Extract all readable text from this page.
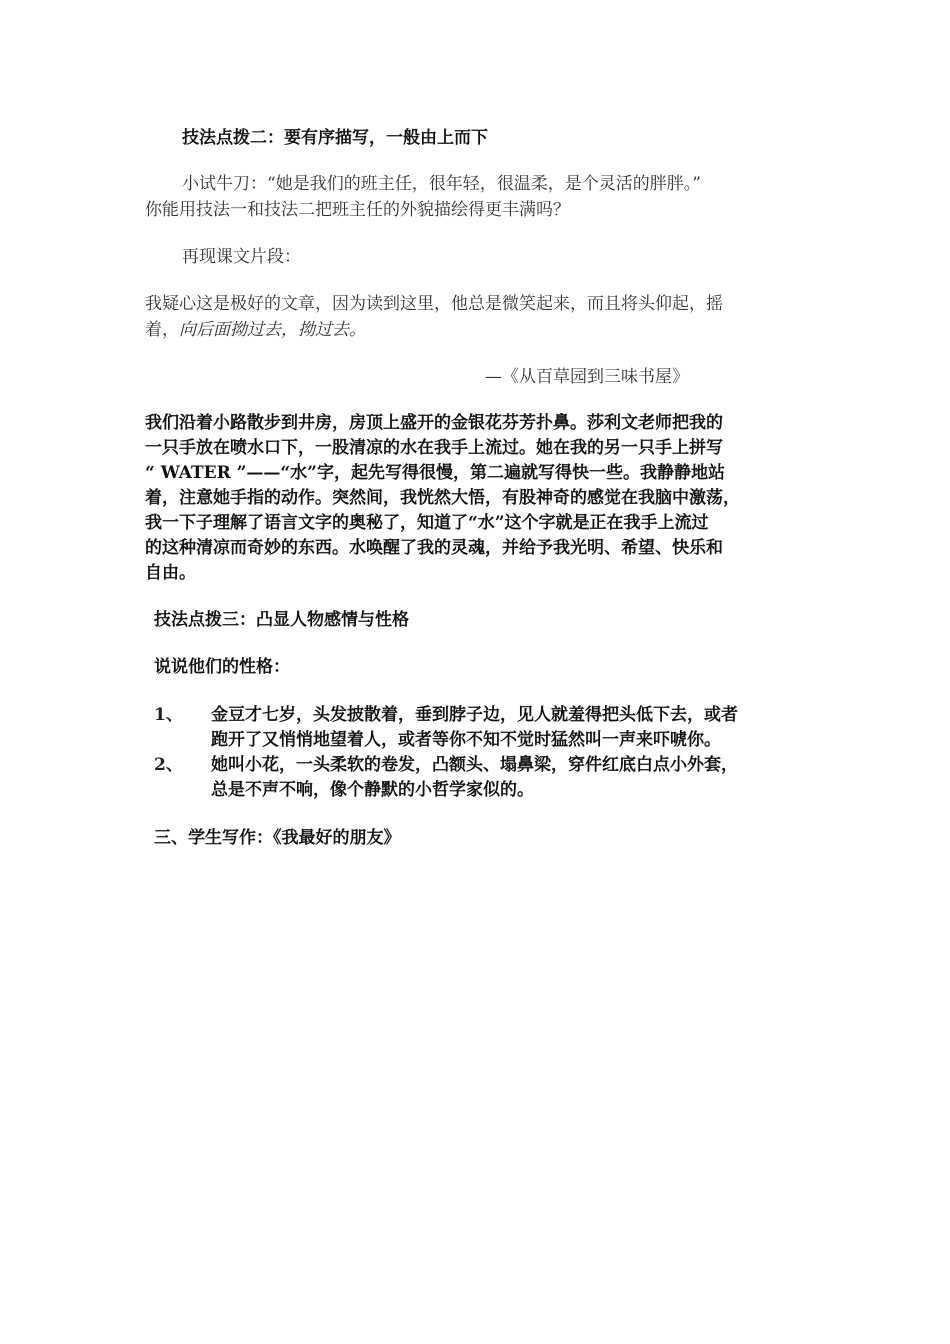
技法点拨二：要有序描写，一般由上而下
小试牛刀：“她是我们的班主任，很年轻，很温柔，是个灵活的胖胖。”
你能用技法一和技法二把班主任的外貌描绘得更丰满吗？
再现课文片段：
我疑心这是极好的文章，因为读到这里，他总是微笑起来，而且将头仰起，摇
着，向后面拗过去，拗过去。
—《从百草园到三味书屋》
我们沿着小路散步到井房，房顶上盛开的金银花芬芳扑鼻。莎利文老师把我的
一只手放在喷水口下，一股清凉的水在我手上流过。她在我的另一只手上拼写
“ WATER ”——“水”字，起先写得很慢，第二遍就写得快一些。我静静地站
着，注意她手指的动作。突然间，我恍然大悟，有股神奇的感觉在我脑中激荡，
我一下子理解了语言文字的奥秘了，知道了“水”这个字就是正在我手上流过
的这种清凉而奇妙的东西。水唤醒了我的灵魂，并给予我光明、希望、快乐和
自由。
技法点拨三：凸显人物感情与性格
说说他们的性格：
1、 金豆才七岁，头发披散着，垂到脖子边，见人就羞得把头低下去，或者
跑开了又悄悄地望着人，或者等你不知不觉时猛然叫一声来吓唬你。
2、 她叫小花，一头柔软的卷发，凸额头、塌鼻梁，穿件红底白点小外套，
总是不声不响，像个静默的小哲学家似的。
三、学生写作：《我最好的朋友》
